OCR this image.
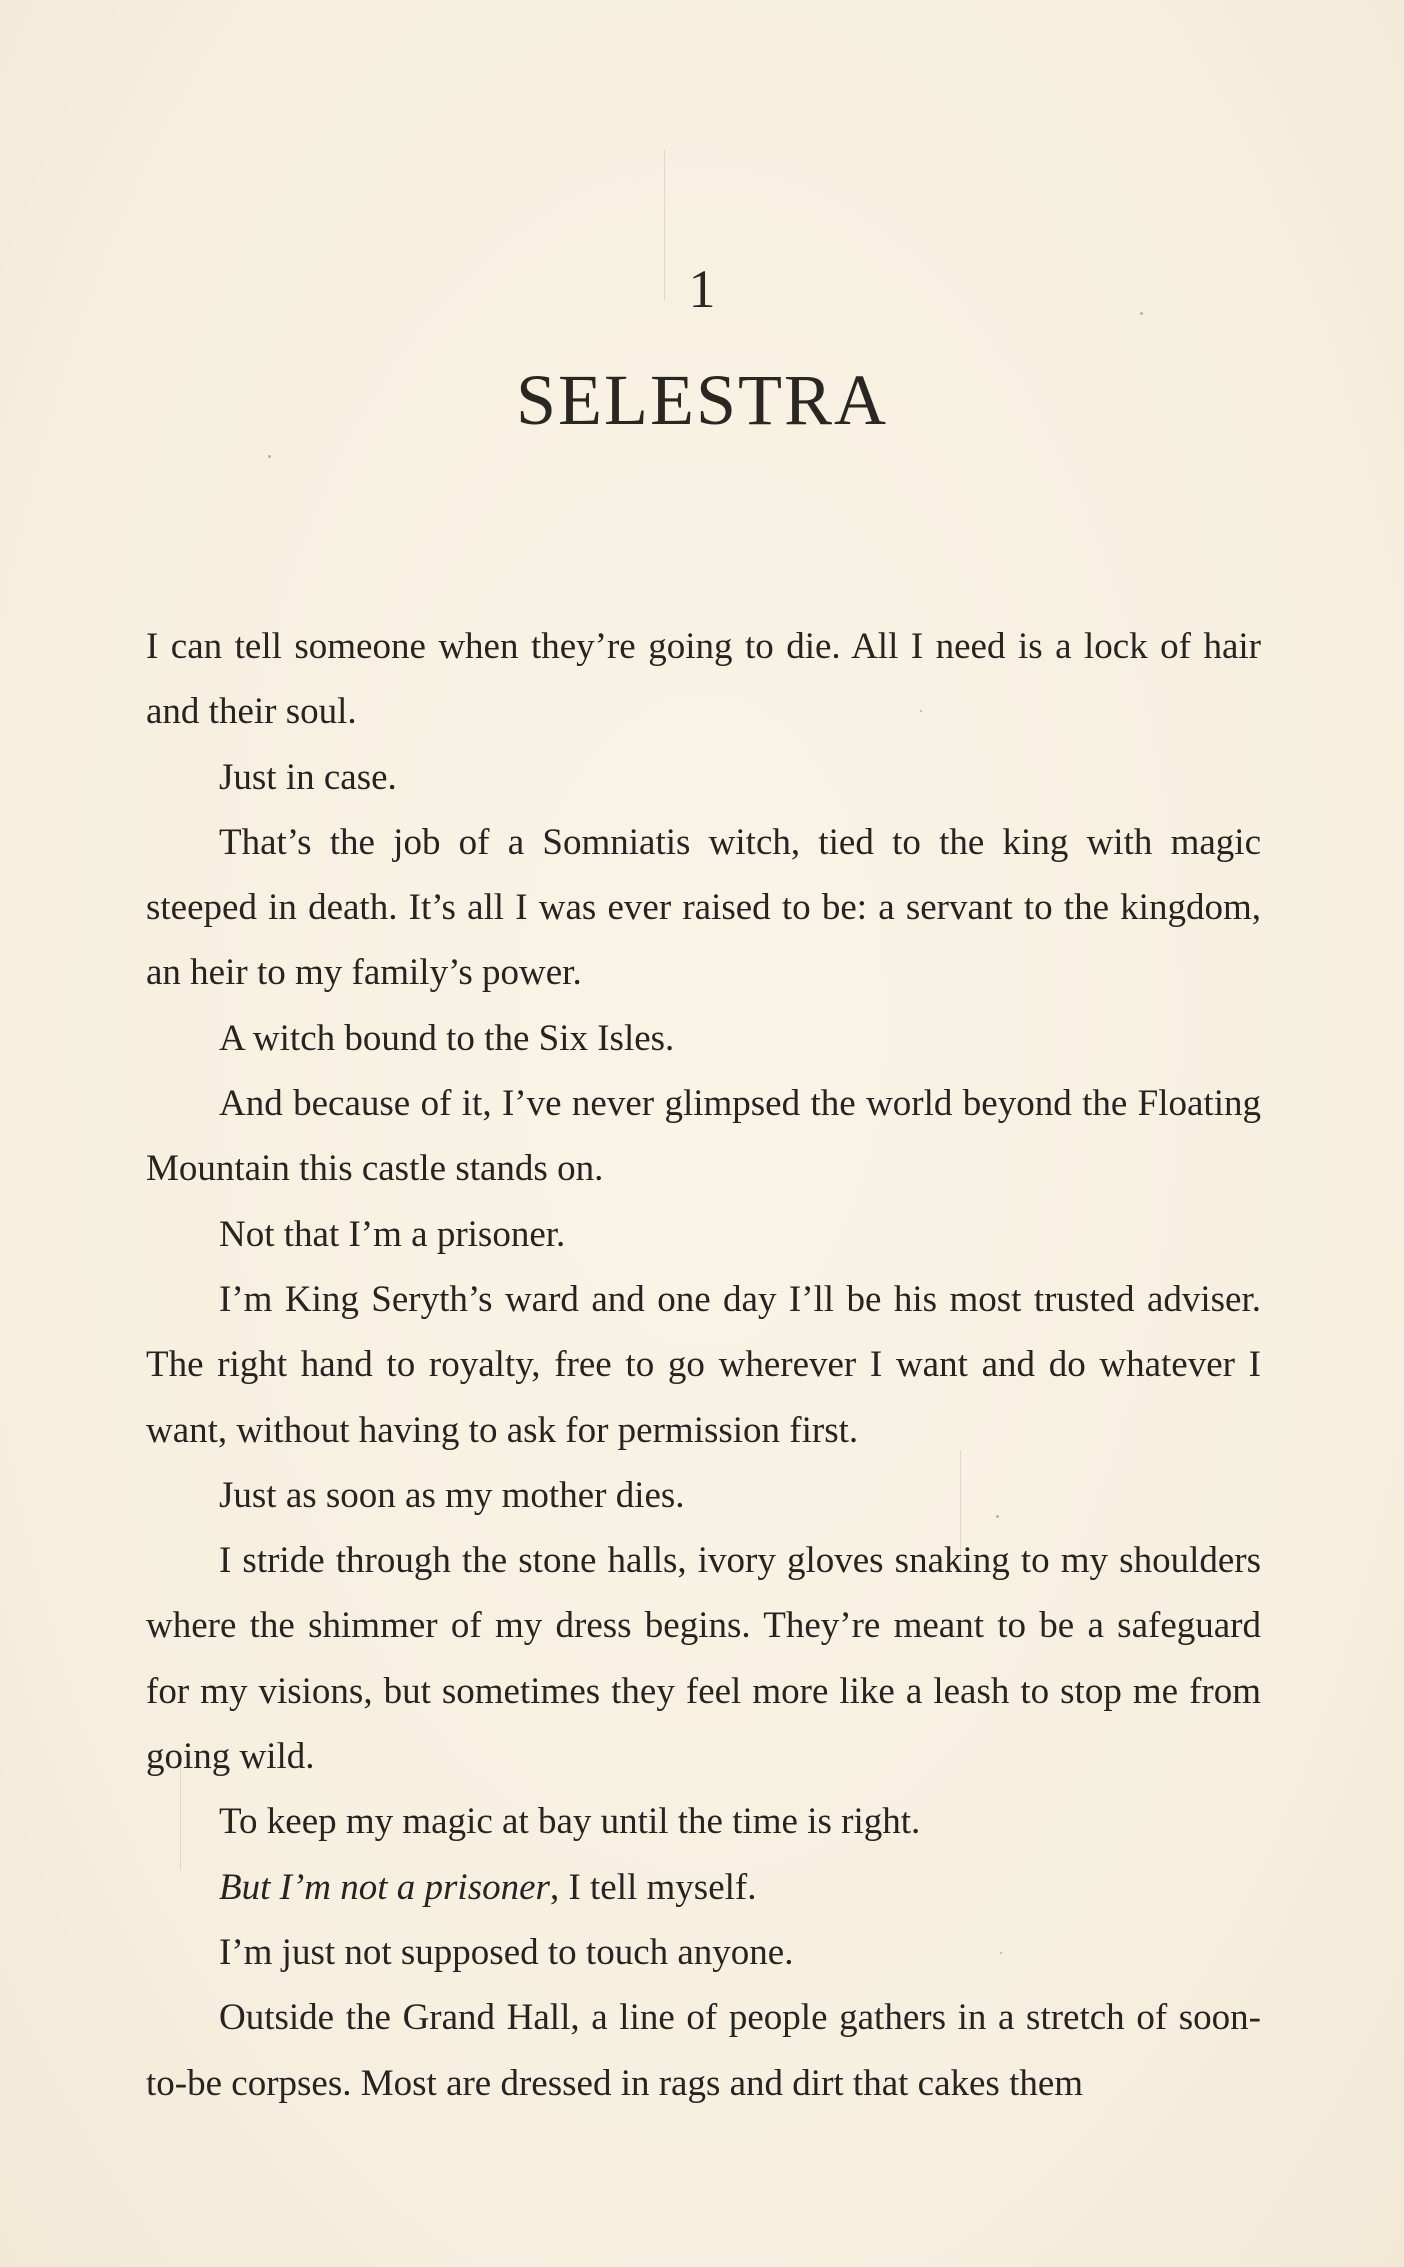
1
SELESTRA

I can tell someone when they’re going to die. All I need is a lock of hair and their soul.

Just in case.

That’s the job of a Somniatis witch, tied to the king with magic steeped in death. It’s all I was ever raised to be: a servant to the kingdom, an heir to my family’s power.

A witch bound to the Six Isles.

And because of it, I’ve never glimpsed the world beyond the Floating Mountain this castle stands on.

Not that I’m a prisoner.

I’m King Seryth’s ward and one day I’ll be his most trusted adviser. The right hand to royalty, free to go wherever I want and do whatever I want, without having to ask for permission first.

Just as soon as my mother dies.

I stride through the stone halls, ivory gloves snaking to my shoulders where the shimmer of my dress begins. They’re meant to be a safeguard for my visions, but sometimes they feel more like a leash to stop me from going wild.

To keep my magic at bay until the time is right.

But I’m not a prisoner, I tell myself.

I’m just not supposed to touch anyone.

Outside the Grand Hall, a line of people gathers in a stretch of soon-to-be corpses. Most are dressed in rags and dirt that cakes them
